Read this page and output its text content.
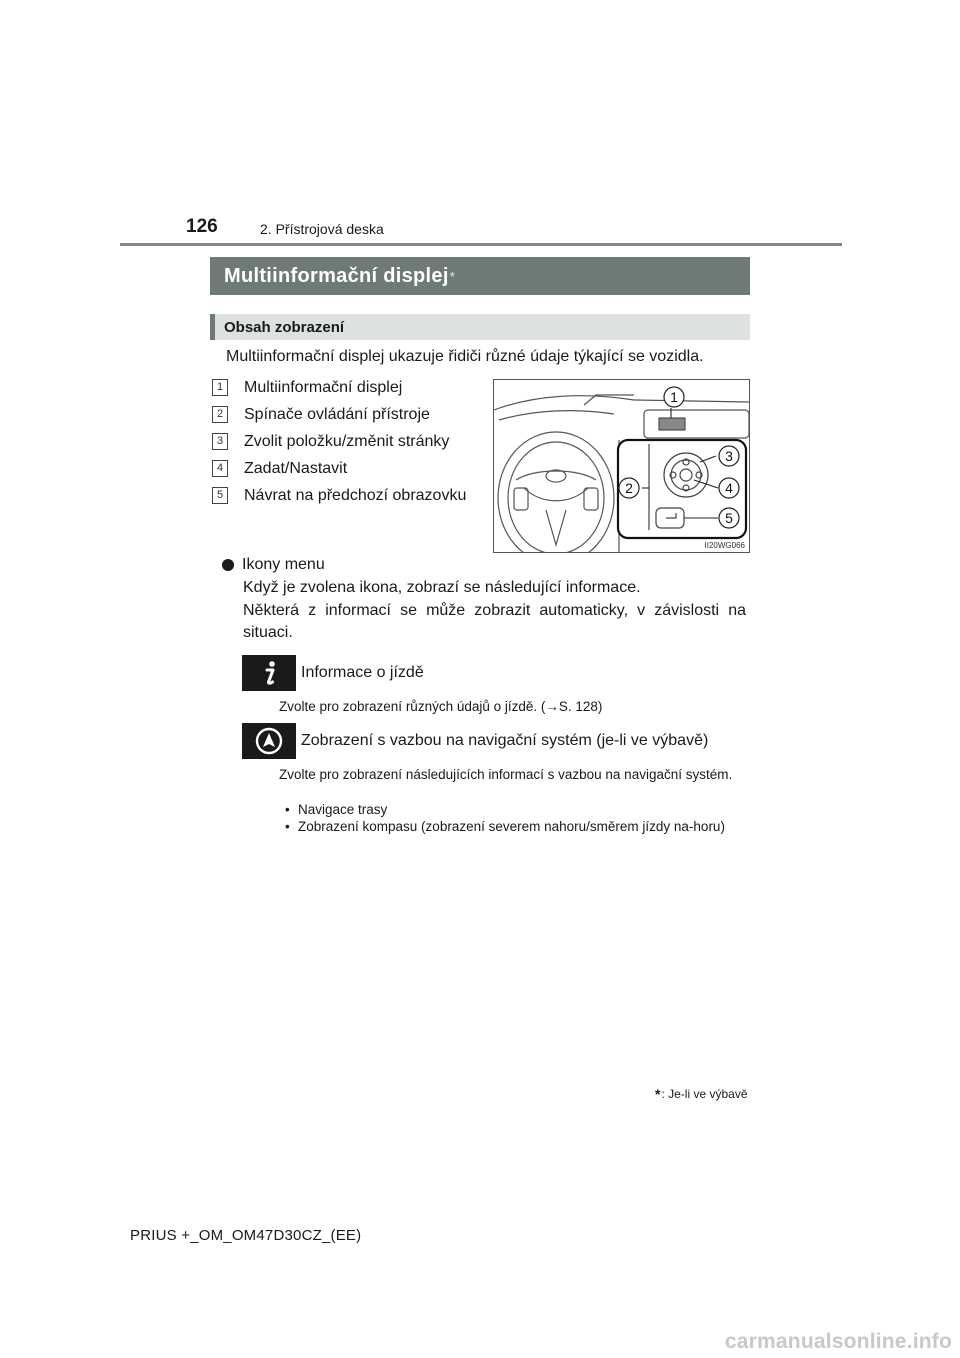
126	2. Přístrojová deska
Multiinformační displej *
Obsah zobrazení
Multiinformační displej ukazuje řidiči různé údaje týkající se vozidla.
1	Multiinformační displej
2	Spínače ovládání přístroje
3	Zvolit položku/změnit stránky
4	Zadat/Nastavit
5	Návrat na předchozí obrazovku
1
2
3
4
5
II20WG066
Ikony menu
Když je zvolena ikona, zobrazí se následující informace.
Některá z informací se může zobrazit automaticky, v závislosti na situaci.
Informace o jízdě
Zvolte pro zobrazení různých údajů o jízdě. (→S. 128)
Zobrazení s vazbou na navigační systém (je-li ve výbavě)
Zvolte pro zobrazení následujících informací s vazbou na navigační systém.
• Navigace trasy
• Zobrazení kompasu (zobrazení severem nahoru/směrem jízdy na-horu)
* : Je-li ve výbavě
PRIUS +_OM_OM47D30CZ_(EE)
carmanualsonline.info
